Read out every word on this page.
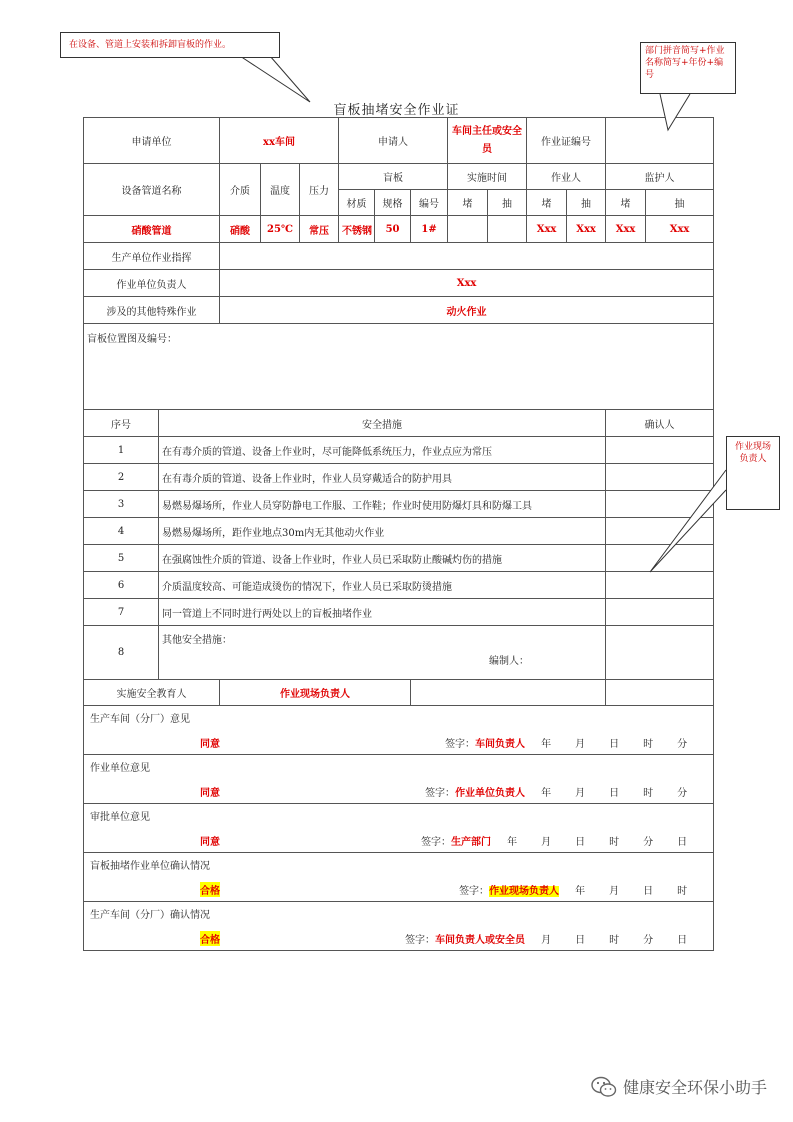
在设备、管道上安装和拆卸盲板的作业。
部门拼音简写+作业名称简写+年份+编号
作业现场负责人
盲板抽堵安全作业证
申请单位		xx车间			申请人			车间主任或安全员		作业证编号			
设备管道名称		介质	温度	压力	盲板			实施时间		作业人		监护人	
					材质	规格	编号	堵	抽	堵	抽	堵	抽
硝酸管道		硝酸	25℃	常压	不锈钢	50	1#			Xxx	Xxx	Xxx	Xxx
生产单位作业指挥													
作业单位负责人		Xxx											
涉及的其他特殊作业		动火作业											
盲板位置图及编号：													
序号	安全措施											确认人	
1	在有毒介质的管道、设备上作业时，尽可能降低系统压力，作业点应为常压												
2	在有毒介质的管道、设备上作业时，作业人员穿戴适合的防护用具												
3	易燃易爆场所，作业人员穿防静电工作服、工作鞋；作业时使用防爆灯具和防爆工具												
4	易燃易爆场所，距作业地点30m内无其他动火作业												
5	在强腐蚀性介质的管道、设备上作业时，作业人员已采取防止酸碱灼伤的措施												
6	介质温度较高、可能造成烫伤的情况下，作业人员已采取防烫措施												
7	同一管道上不同时进行两处以上的盲板抽堵作业												
8	其他安全措施：
编制人：												

实施安全教育人		作业现场负责人											

生产车间（分厂）意见
同意 签字：车间负责人 年 月 日 时 分													

作业单位意见
同意 签字：作业单位负责人 年 月 日 时 分													

审批单位意见
同意 签字：生产部门 年 月 日 时 分 日													

盲板抽堵作业单位确认情况
合格 签字：作业现场负责人 年 月 日 时													

生产车间（分厂）确认情况
合格 签字：车间负责人或安全员 月 日 时 分 日													
健康安全环保小助手
